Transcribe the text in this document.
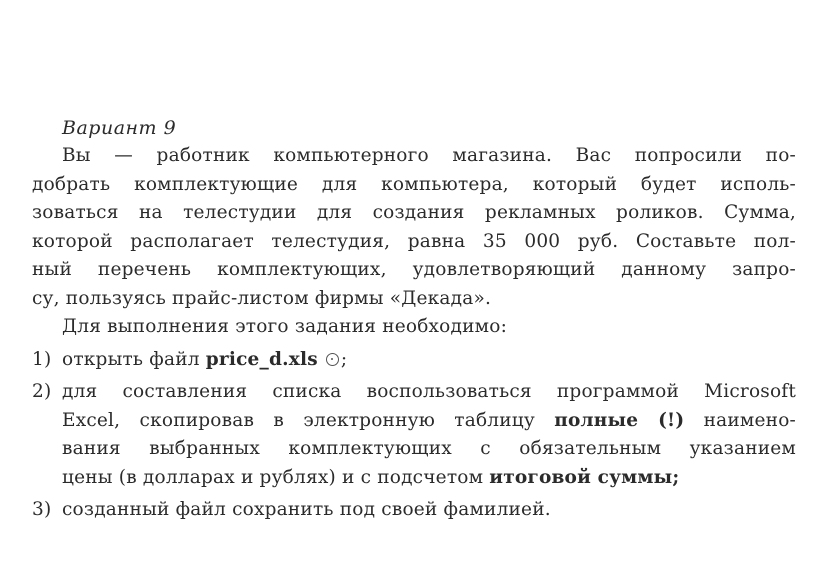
Вариант 9
Вы — работник компьютерного магазина. Вас попросили по-
добрать комплектующие для компьютера, который будет исполь-
зоваться на телестудии для создания рекламных роликов. Сумма,
которой располагает телестудия, равна 35 000 руб. Составьте пол-
ный перечень комплектующих, удовлетворяющий данному запро-
су, пользуясь прайс-листом фирмы «Декада».
Для выполнения этого задания необходимо:
1) открыть файл price_d.xls ;
2) для составления списка воспользоваться программой Microsoft
Excel, скопировав в электронную таблицу полные (!) наимено-
вания выбранных комплектующих с обязательным указанием
цены (в долларах и рублях) и с подсчетом итоговой суммы;
3) созданный файл сохранить под своей фамилией.
